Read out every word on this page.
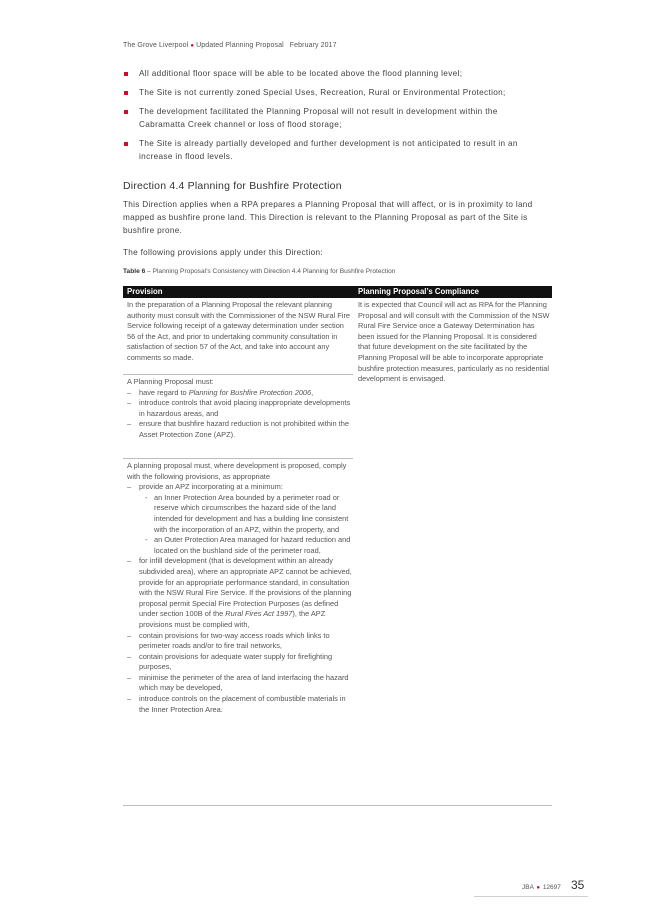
The Grove Liverpool ● Updated Planning Proposal February 2017
All additional floor space will be able to be located above the flood planning level;
The Site is not currently zoned Special Uses, Recreation, Rural or Environmental Protection;
The development facilitated the Planning Proposal will not result in development within the Cabramatta Creek channel or loss of flood storage;
The Site is already partially developed and further development is not anticipated to result in an increase in flood levels.
Direction 4.4 Planning for Bushfire Protection

This Direction applies when a RPA prepares a Planning Proposal that will affect, or is in proximity to land mapped as bushfire prone land. This Direction is relevant to the Planning Proposal as part of the Site is bushfire prone.

The following provisions apply under this Direction:

Table 6 – Planning Proposal’s Consistency with Direction 4.4 Planning for Bushfire Protection
Provision	Planning Proposal’s Compliance
In the preparation of a Planning Proposal the relevant planning authority must consult with the Commissioner of the NSW Rural Fire Service following receipt of a gateway determination under section 56 of the Act, and prior to undertaking community consultation in satisfaction of section 57 of the Act, and take into account any comments so made.
A Planning Proposal must:
– have regard to Planning for Bushfire Protection 2006,
– introduce controls that avoid placing inappropriate developments in hazardous areas, and
– ensure that bushfire hazard reduction is not prohibited within the Asset Protection Zone (APZ).
A planning proposal must, where development is proposed, comply with the following provisions, as appropriate
– provide an APZ incorporating at a minimum:
- an Inner Protection Area bounded by a perimeter road or reserve which circumscribes the hazard side of the land intended for development and has a building line consistent with the incorporation of an APZ, within the property, and
- an Outer Protection Area managed for hazard reduction and located on the bushland side of the perimeter road,
– for infill development (that is development within an already subdivided area), where an appropriate APZ cannot be achieved, provide for an appropriate performance standard, in consultation with the NSW Rural Fire Service. If the provisions of the planning proposal permit Special Fire Protection Purposes (as defined under section 100B of the Rural Fires Act 1997), the APZ provisions must be complied with,
– contain provisions for two-way access roads which links to perimeter roads and/or to fire trail networks,
– contain provisions for adequate water supply for firefighting purposes,
– minimise the perimeter of the area of land interfacing the hazard which may be developed,
– introduce controls on the placement of combustible materials in the Inner Protection Area.
It is expected that Council will act as RPA for the Planning Proposal and will consult with the Commission of the NSW Rural Fire Service once a Gateway Determination has been issued for the Planning Proposal. It is considered that future development on the site facilitated by the Planning Proposal will be able to incorporate appropriate bushfire protection measures, particularly as no residential development is envisaged.
JBA ● 12697 35
